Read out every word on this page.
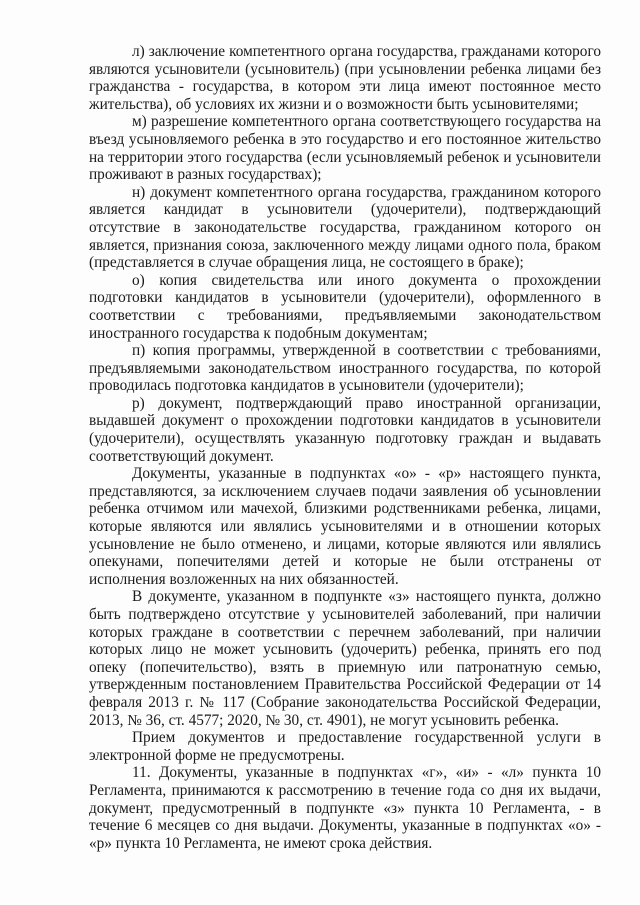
л) заключение компетентного органа государства, гражданами которого являются усыновители (усыновитель) (при усыновлении ребенка лицами без гражданства - государства, в котором эти лица имеют постоянное место жительства), об условиях их жизни и о возможности быть усыновителями;

м) разрешение компетентного органа соответствующего государства на въезд усыновляемого ребенка в это государство и его постоянное жительство на территории этого государства (если усыновляемый ребенок и усыновители проживают в разных государствах);

н) документ компетентного органа государства, гражданином которого является кандидат в усыновители (удочерители), подтверждающий отсутствие в законодательстве государства, гражданином которого он является, признания союза, заключенного между лицами одного пола, браком (представляется в случае обращения лица, не состоящего в браке);

о) копия свидетельства или иного документа о прохождении подготовки кандидатов в усыновители (удочерители), оформленного в соответствии с требованиями, предъявляемыми законодательством иностранного государства к подобным документам;

п) копия программы, утвержденной в соответствии с требованиями, предъявляемыми законодательством иностранного государства, по которой проводилась подготовка кандидатов в усыновители (удочерители);

р) документ, подтверждающий право иностранной организации, выдавшей документ о прохождении подготовки кандидатов в усыновители (удочерители), осуществлять указанную подготовку граждан и выдавать соответствующий документ.

Документы, указанные в подпунктах «о» - «р» настоящего пункта, представляются, за исключением случаев подачи заявления об усыновлении ребенка отчимом или мачехой, близкими родственниками ребенка, лицами, которые являются или являлись усыновителями и в отношении которых усыновление не было отменено, и лицами, которые являются или являлись опекунами, попечителями детей и которые не были отстранены от исполнения возложенных на них обязанностей.

В документе, указанном в подпункте «з» настоящего пункта, должно быть подтверждено отсутствие у усыновителей заболеваний, при наличии которых граждане в соответствии с перечнем заболеваний, при наличии которых лицо не может усыновить (удочерить) ребенка, принять его под опеку (попечительство), взять в приемную или патронатную семью, утвержденным постановлением Правительства Российской Федерации от 14 февраля 2013 г. № 117 (Собрание законодательства Российской Федерации, 2013, № 36, ст. 4577; 2020, № 30, ст. 4901), не могут усыновить ребенка.

Прием документов и предоставление государственной услуги в электронной форме не предусмотрены.

11. Документы, указанные в подпунктах «г», «и» - «л» пункта 10 Регламента, принимаются к рассмотрению в течение года со дня их выдачи, документ, предусмотренный в подпункте «з» пункта 10 Регламента, - в течение 6 месяцев со дня выдачи. Документы, указанные в подпунктах «о» - «р» пункта 10 Регламента, не имеют срока действия.
